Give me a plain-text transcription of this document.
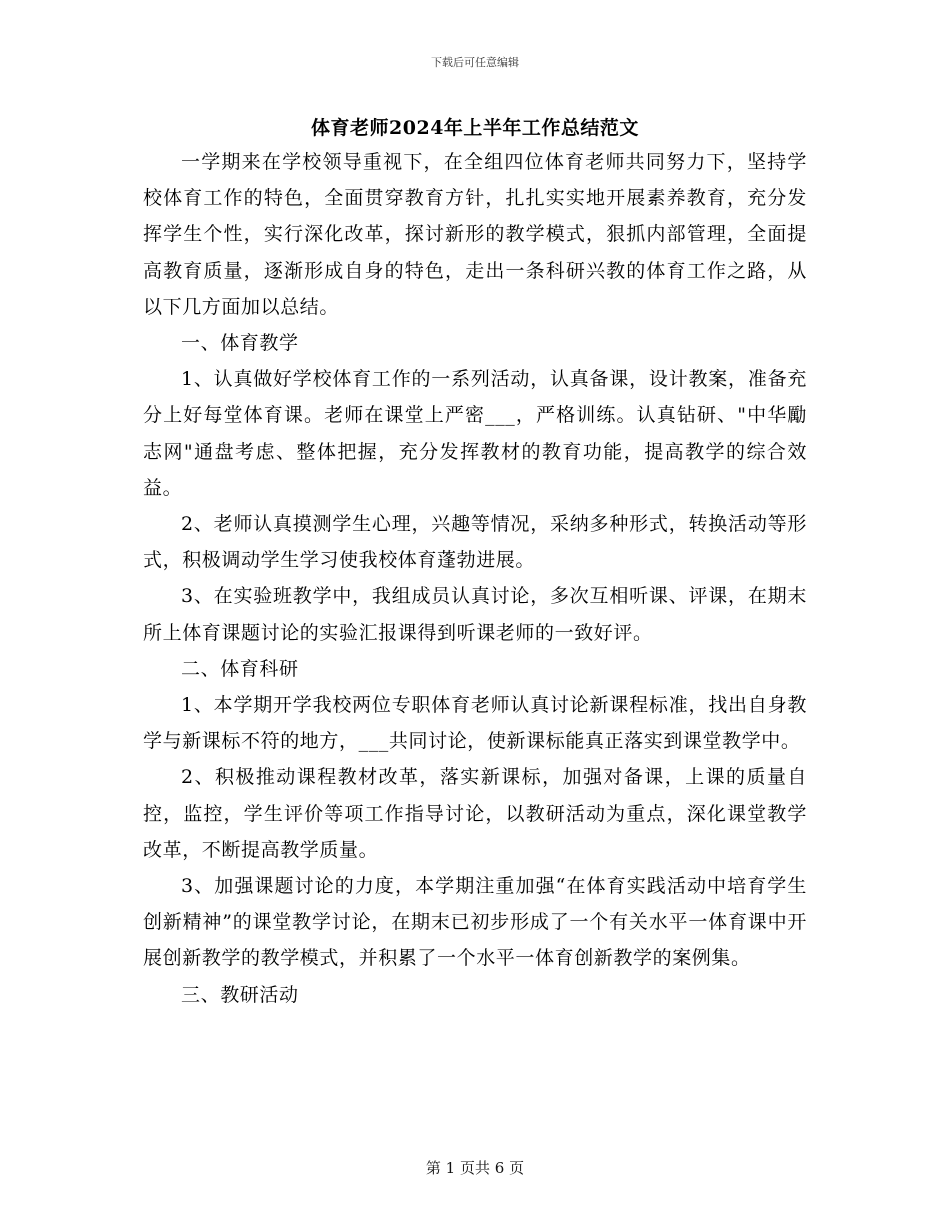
下载后可任意编辑
体育老师2024年上半年工作总结范文

一学期来在学校领导重视下，在全组四位体育老师共同努力下，坚持学校体育工作的特色，全面贯穿教育方针，扎扎实实地开展素养教育，充分发挥学生个性，实行深化改革，探讨新形的教学模式，狠抓内部管理，全面提高教育质量，逐渐形成自身的特色，走出一条科研兴教的体育工作之路，从以下几方面加以总结。

一、体育教学

1、认真做好学校体育工作的一系列活动，认真备课，设计教案，准备充分上好每堂体育课。老师在课堂上严密___，严格训练。认真钻研、"中华勵志网"通盘考虑、整体把握，充分发挥教材的教育功能，提高教学的综合效益。

2、老师认真摸测学生心理，兴趣等情况，采纳多种形式，转换活动等形式，积极调动学生学习使我校体育蓬勃进展。

3、在实验班教学中，我组成员认真讨论，多次互相听课、评课，在期末所上体育课题讨论的实验汇报课得到听课老师的一致好评。

二、体育科研

1、本学期开学我校两位专职体育老师认真讨论新课程标准，找出自身教学与新课标不符的地方，___共同讨论，使新课标能真正落实到课堂教学中。

2、积极推动课程教材改革，落实新课标，加强对备课，上课的质量自控，监控，学生评价等项工作指导讨论，以教研活动为重点，深化课堂教学改革，不断提高教学质量。

3、加强课题讨论的力度，本学期注重加强“在体育实践活动中培育学生创新精神”的课堂教学讨论，在期末已初步形成了一个有关水平一体育课中开展创新教学的教学模式，并积累了一个水平一体育创新教学的案例集。

三、教研活动

第 1 页共 6 页
